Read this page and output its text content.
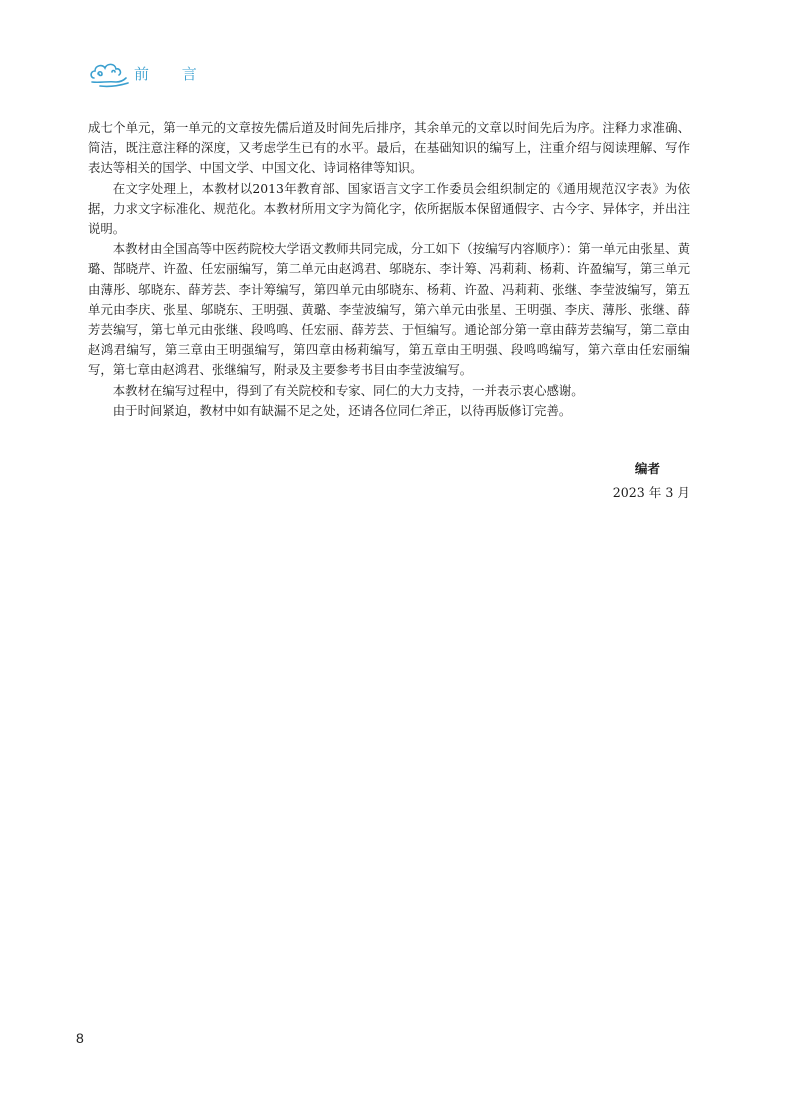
前 言

成七个单元，第一单元的文章按先儒后道及时间先后排序，其余单元的文章以时间先后为序。注释力求准确、简洁，既注意注释的深度，又考虑学生已有的水平。最后，在基础知识的编写上，注重介绍与阅读理解、写作表达等相关的国学、中国文学、中国文化、诗词格律等知识。

在文字处理上，本教材以2013年教育部、国家语言文字工作委员会组织制定的《通用规范汉字表》为依据，力求文字标准化、规范化。本教材所用文字为简化字，依所据版本保留通假字、古今字、异体字，并出注说明。

本教材由全国高等中医药院校大学语文教师共同完成，分工如下（按编写内容顺序）：第一单元由张星、黄璐、郜晓芹、许盈、任宏丽编写，第二单元由赵鸿君、邬晓东、李计筹、冯莉莉、杨莉、许盈编写，第三单元由薄彤、邬晓东、薛芳芸、李计筹编写，第四单元由邬晓东、杨莉、许盈、冯莉莉、张继、李莹波编写，第五单元由李庆、张星、邬晓东、王明强、黄璐、李莹波编写，第六单元由张星、王明强、李庆、薄彤、张继、薛芳芸编写，第七单元由张继、段鸣鸣、任宏丽、薛芳芸、于恒编写。通论部分第一章由薛芳芸编写，第二章由赵鸿君编写，第三章由王明强编写，第四章由杨莉编写，第五章由王明强、段鸣鸣编写，第六章由任宏丽编写，第七章由赵鸿君、张继编写，附录及主要参考书目由李莹波编写。

本教材在编写过程中，得到了有关院校和专家、同仁的大力支持，一并表示衷心感谢。

由于时间紧迫，教材中如有缺漏不足之处，还请各位同仁斧正，以待再版修订完善。

编者
2023 年 3 月
8
